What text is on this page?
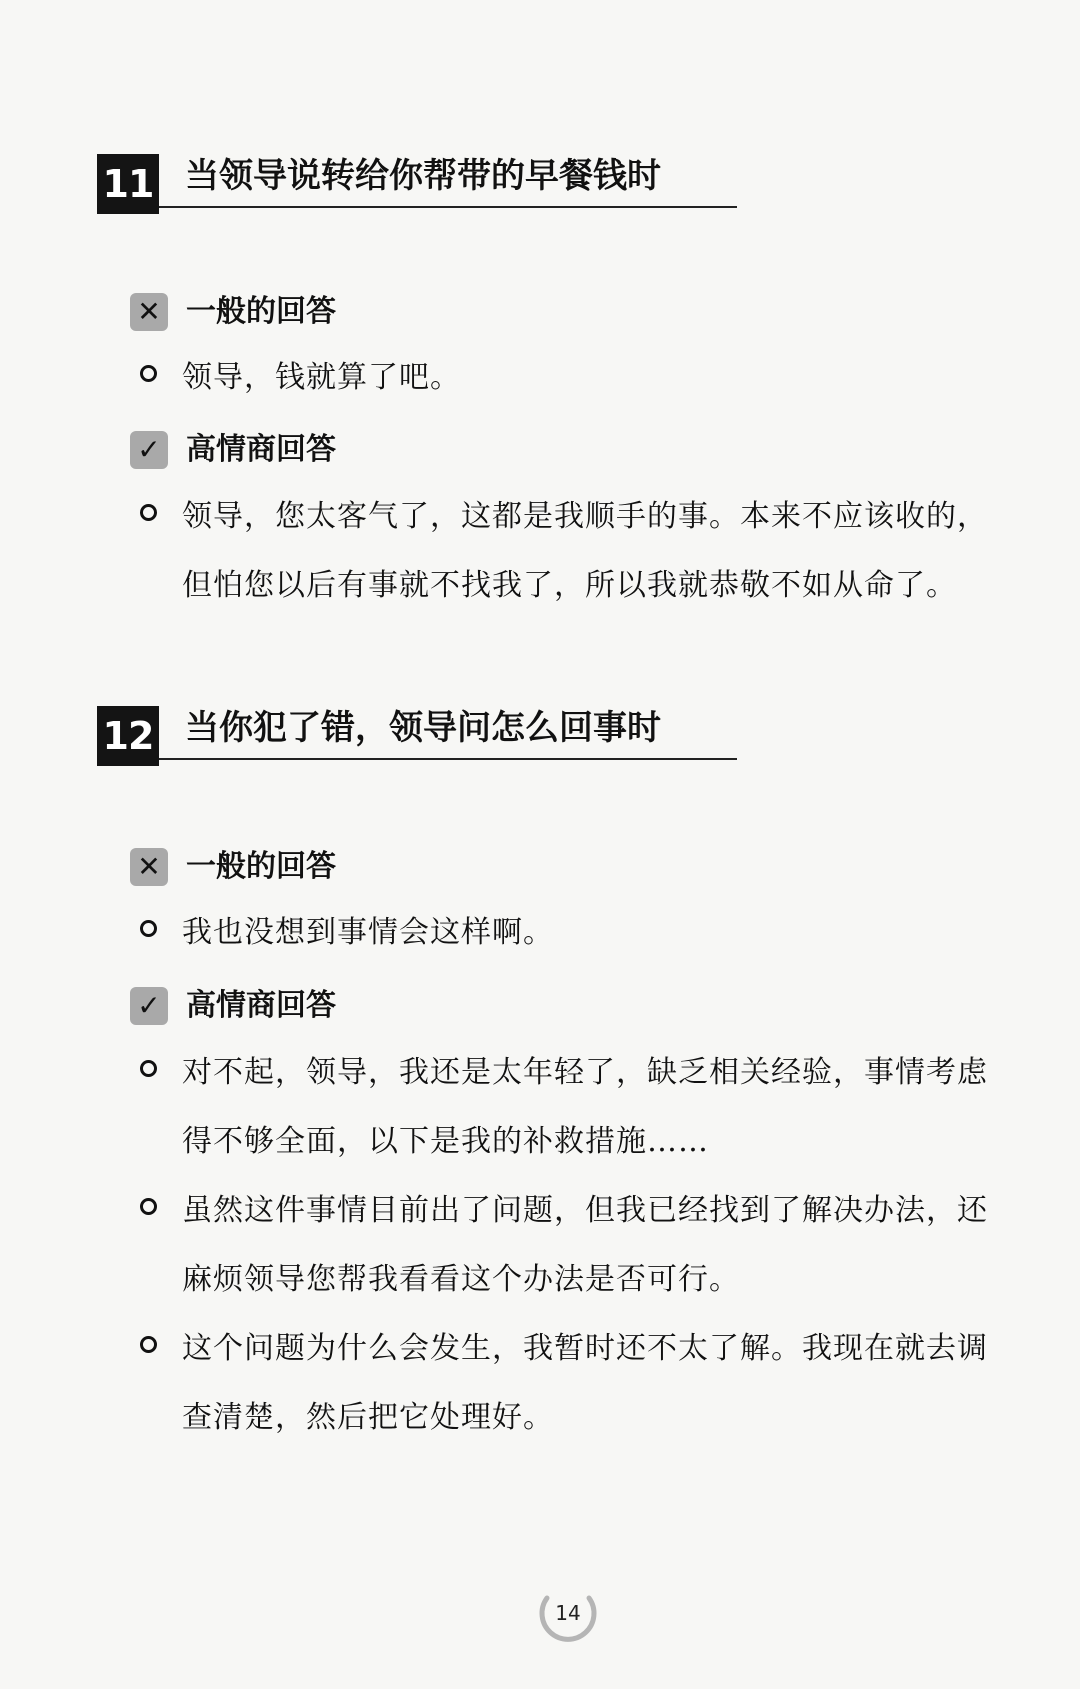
11 当领导说转给你帮带的早餐钱时
✕ 一般的回答
领导，钱就算了吧。
✓ 高情商回答
领导，您太客气了，这都是我顺手的事。本来不应该收的，但怕您以后有事就不找我了，所以我就恭敬不如从命了。
12 当你犯了错，领导问怎么回事时
✕ 一般的回答
我也没想到事情会这样啊。
✓ 高情商回答
对不起，领导，我还是太年轻了，缺乏相关经验，事情考虑得不够全面，以下是我的补救措施……
虽然这件事情目前出了问题，但我已经找到了解决办法，还麻烦领导您帮我看看这个办法是否可行。
这个问题为什么会发生，我暂时还不太了解。我现在就去调查清楚，然后把它处理好。
14
